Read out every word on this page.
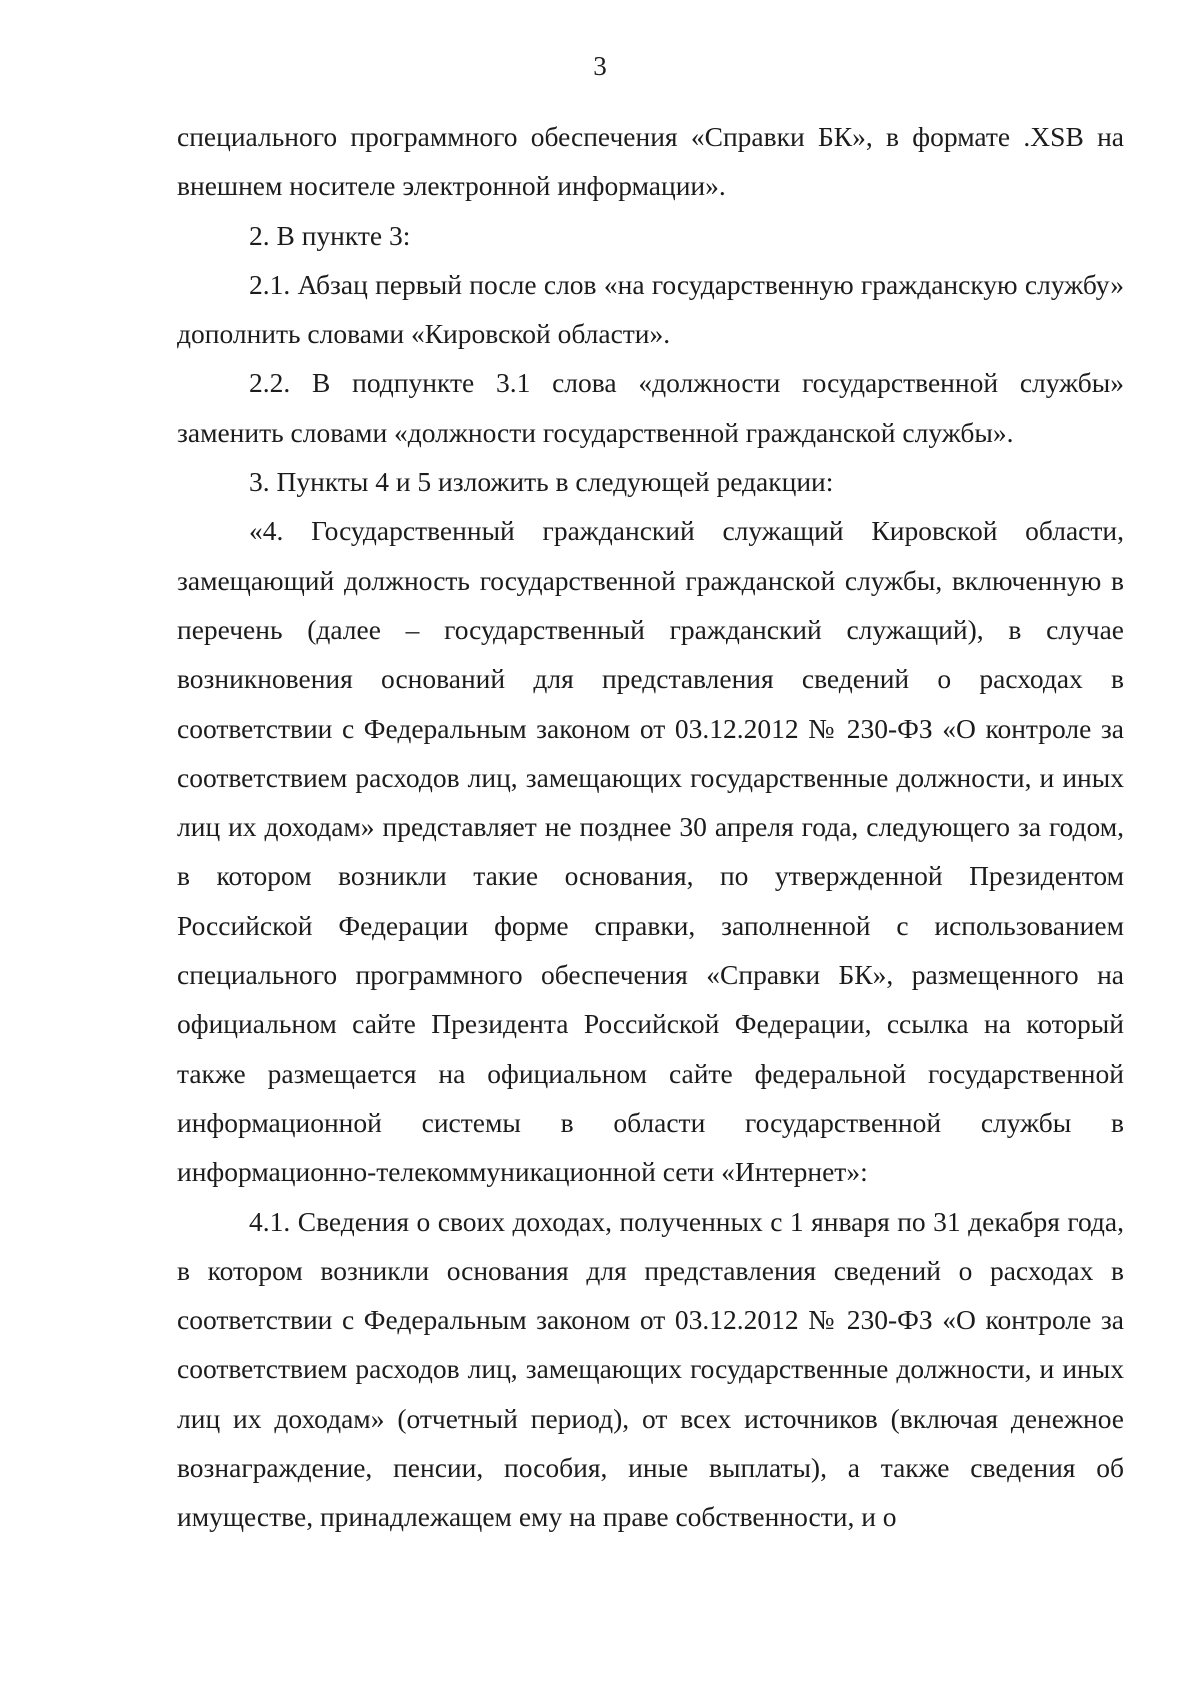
3

специального программного обеспечения «Справки БК», в формате .XSB на внешнем носителе электронной информации».

2. В пункте 3:

2.1. Абзац первый после слов «на государственную гражданскую службу» дополнить словами «Кировской области».

2.2. В подпункте 3.1 слова «должности государственной службы» заменить словами «должности государственной гражданской службы».

3. Пункты 4 и 5 изложить в следующей редакции:

«4. Государственный гражданский служащий Кировской области, замещающий должность государственной гражданской службы, включенную в перечень (далее – государственный гражданский служащий), в случае возникновения оснований для представления сведений о расходах в соответствии с Федеральным законом от 03.12.2012 № 230-ФЗ «О контроле за соответствием расходов лиц, замещающих государственные должности, и иных лиц их доходам» представляет не позднее 30 апреля года, следующего за годом, в котором возникли такие основания, по утвержденной Президентом Российской Федерации форме справки, заполненной с использованием специального программного обеспечения «Справки БК», размещенного на официальном сайте Президента Российской Федерации, ссылка на который также размещается на официальном сайте федеральной государственной информационной системы в области государственной службы в информационно-телекоммуникационной сети «Интернет»:

4.1. Сведения о своих доходах, полученных с 1 января по 31 декабря года, в котором возникли основания для представления сведений о расходах в соответствии с Федеральным законом от 03.12.2012 № 230-ФЗ «О контроле за соответствием расходов лиц, замещающих государственные должности, и иных лиц их доходам» (отчетный период), от всех источников (включая денежное вознаграждение, пенсии, пособия, иные выплаты), а также сведения об имуществе, принадлежащем ему на праве собственности, и о
